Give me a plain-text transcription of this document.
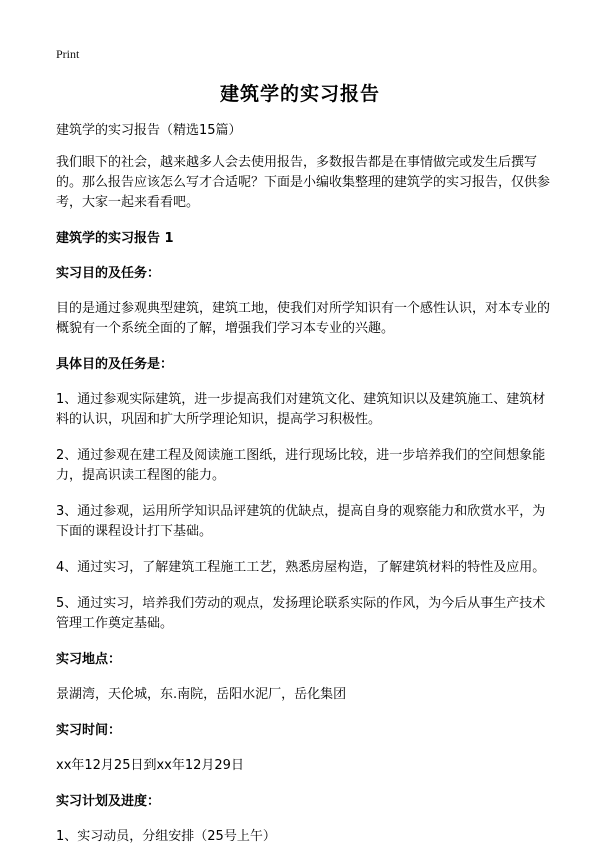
Print
建筑学的实习报告

建筑学的实习报告（精选15篇）

我们眼下的社会，越来越多人会去使用报告，多数报告都是在事情做完或发生后撰写的。那么报告应该怎么写才合适呢？下面是小编收集整理的建筑学的实习报告，仅供参考，大家一起来看看吧。

建筑学的实习报告 1

实习目的及任务：

目的是通过参观典型建筑，建筑工地，使我们对所学知识有一个感性认识，对本专业的概貌有一个系统全面的了解，增强我们学习本专业的兴趣。

具体目的及任务是：

1、通过参观实际建筑，进一步提高我们对建筑文化、建筑知识以及建筑施工、建筑材料的认识，巩固和扩大所学理论知识，提高学习积极性。

2、通过参观在建工程及阅读施工图纸，进行现场比较，进一步培养我们的空间想象能力，提高识读工程图的能力。

3、通过参观，运用所学知识品评建筑的优缺点，提高自身的观察能力和欣赏水平，为下面的课程设计打下基础。

4、通过实习，了解建筑工程施工工艺，熟悉房屋构造，了解建筑材料的特性及应用。

5、通过实习，培养我们劳动的观点，发扬理论联系实际的作风，为今后从事生产技术管理工作奠定基础。

实习地点：

景湖湾，天伦城，东.南院，岳阳水泥厂，岳化集团

实习时间：

xx年12月25日到xx年12月29日

实习计划及进度：

1、实习动员，分组安排（25号上午）
